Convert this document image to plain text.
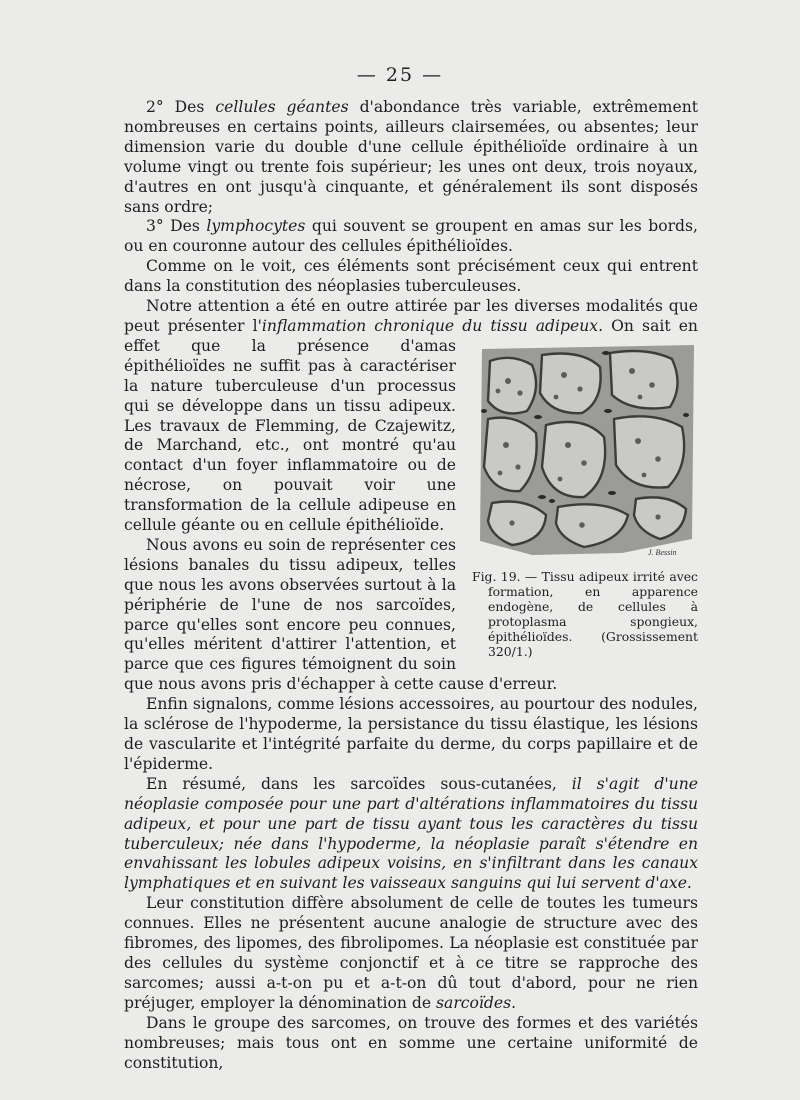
— 25 —

2° Des cellules géantes d'abondance très variable, extrêmement nombreuses en certains points, ailleurs clairsemées, ou absentes; leur dimension varie du double d'une cellule épithélioïde ordinaire à un volume vingt ou trente fois supérieur; les unes ont deux, trois noyaux, d'autres en ont jusqu'à cinquante, et généralement ils sont disposés sans ordre;

3° Des lymphocytes qui souvent se groupent en amas sur les bords, ou en couronne autour des cellules épithélioïdes.

Comme on le voit, ces éléments sont précisément ceux qui entrent dans la constitution des néoplasies tuberculeuses.

Notre attention a été en outre attirée par les diverses modalités que peut présenter l'inflammation chronique du tissu adipeux.
J. Bessin
Fig. 19. — Tissu adipeux irrité avec formation, en apparence endogène, de cellules à protoplasma spongieux, épithélioïdes. (Grossissement 320/1.)
On sait en effet que la présence d'amas épithélioïdes ne suffit pas à caractériser la nature tuberculeuse d'un processus qui se développe dans un tissu adipeux. Les travaux de Flemming, de Czajewitz, de Marchand, etc., ont montré qu'au contact d'un foyer inflammatoire ou de nécrose, on pouvait voir une transformation de la cellule adipeuse en cellule géante ou en cellule épithélioïde.

Nous avons eu soin de représenter ces lésions banales du tissu adipeux, telles que nous les avons observées surtout à la périphérie de l'une de nos sarcoïdes, parce qu'elles sont encore peu connues, qu'elles méritent d'attirer l'attention, et parce que ces figures témoignent du soin que nous avons pris d'échapper à cette cause d'erreur.

Enfin signalons, comme lésions accessoires, au pourtour des nodules, la sclérose de l'hypoderme, la persistance du tissu élastique, les lésions de vascularite et l'intégrité parfaite du derme, du corps papillaire et de l'épiderme.

En résumé, dans les sarcoïdes sous-cutanées, il s'agit d'une néoplasie composée pour une part d'altérations inflammatoires du tissu adipeux, et pour une part de tissu ayant tous les caractères du tissu tuberculeux; née dans l'hypoderme, la néoplasie paraît s'étendre en envahissant les lobules adipeux voisins, en s'infiltrant dans les canaux lymphatiques et en suivant les vaisseaux sanguins qui lui servent d'axe.

Leur constitution diffère absolument de celle de toutes les tumeurs connues. Elles ne présentent aucune analogie de structure avec des fibromes, des lipomes, des fibrolipomes. La néoplasie est constituée par des cellules du système conjonctif et à ce titre se rapproche des sarcomes; aussi a-t-on pu et a-t-on dû tout d'abord, pour ne rien préjuger, employer la dénomination de sarcoïdes.

Dans le groupe des sarcomes, on trouve des formes et des variétés nombreuses; mais tous ont en somme une certaine uniformité de constitution,
